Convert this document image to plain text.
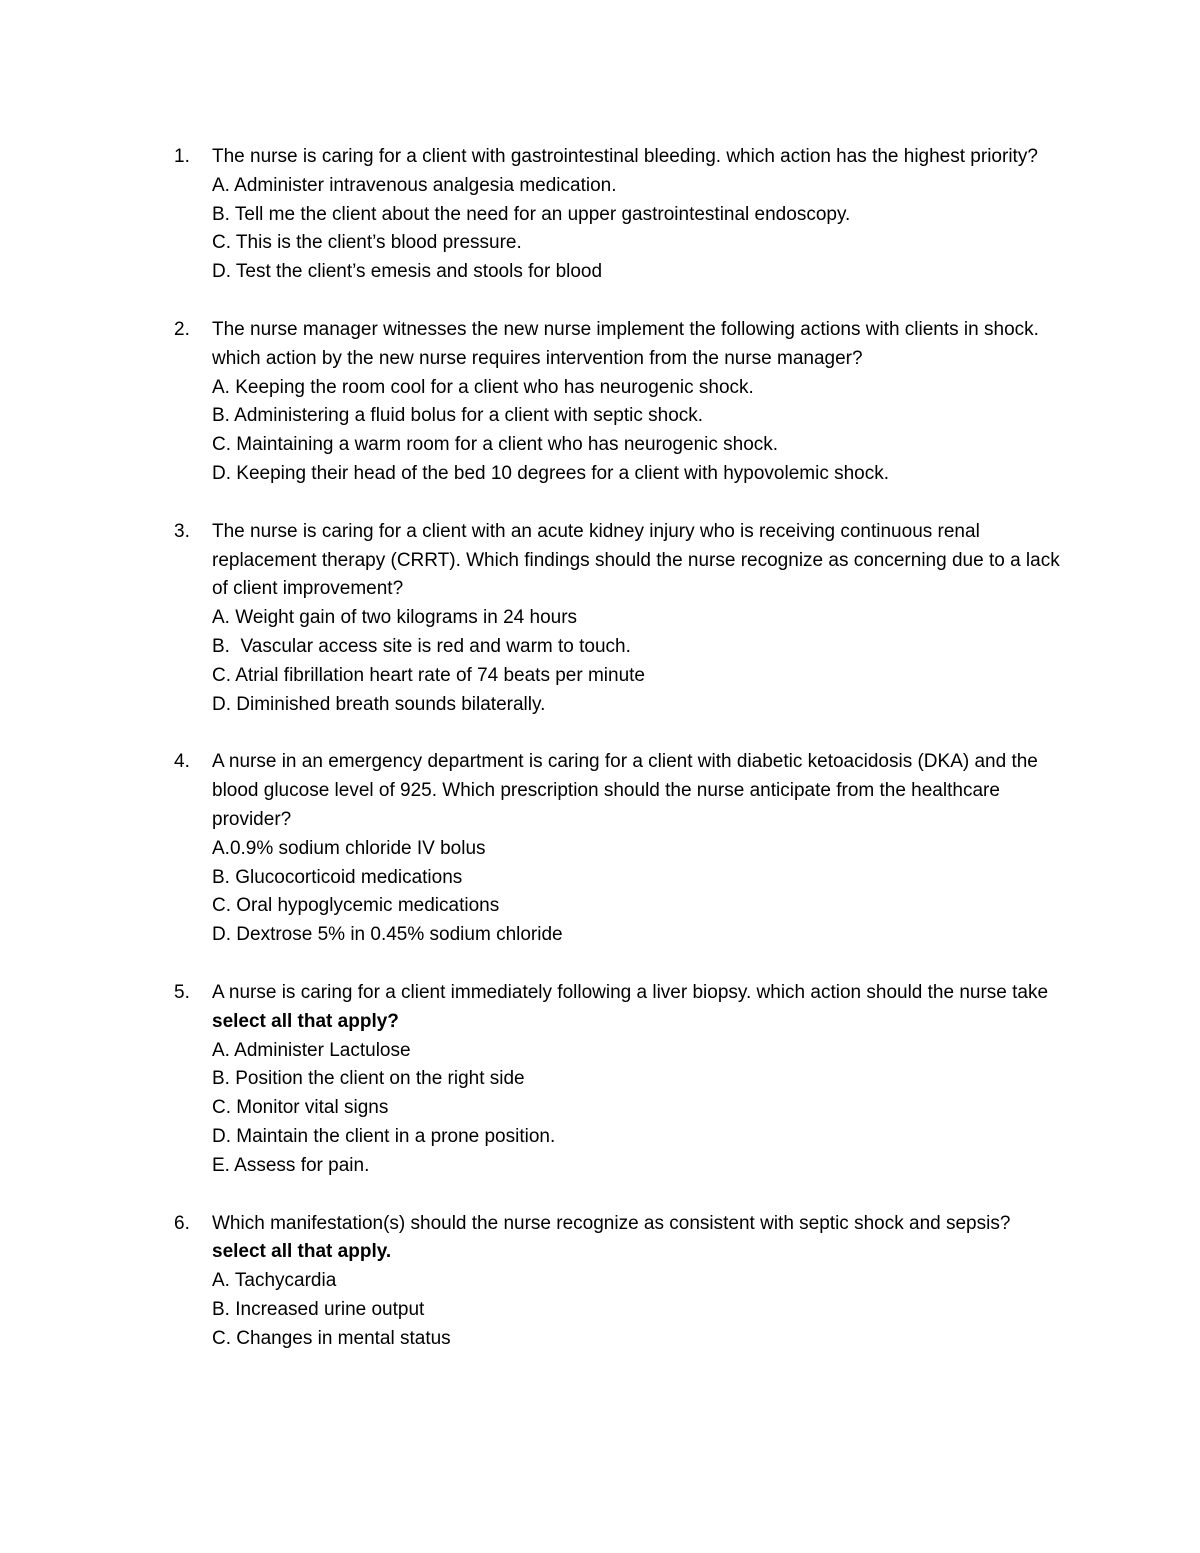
1. The nurse is caring for a client with gastrointestinal bleeding. which action has the highest priority?
A. Administer intravenous analgesia medication.
B. Tell me the client about the need for an upper gastrointestinal endoscopy.
C. This is the client’s blood pressure.
D. Test the client’s emesis and stools for blood
2. The nurse manager witnesses the new nurse implement the following actions with clients in shock. which action by the new nurse requires intervention from the nurse manager?
A. Keeping the room cool for a client who has neurogenic shock.
B. Administering a fluid bolus for a client with septic shock.
C. Maintaining a warm room for a client who has neurogenic shock.
D. Keeping their head of the bed 10 degrees for a client with hypovolemic shock.
3. The nurse is caring for a client with an acute kidney injury who is receiving continuous renal replacement therapy (CRRT). Which findings should the nurse recognize as concerning due to a lack of client improvement?
A. Weight gain of two kilograms in 24 hours
B.  Vascular access site is red and warm to touch.
C. Atrial fibrillation heart rate of 74 beats per minute
D. Diminished breath sounds bilaterally.
4. A nurse in an emergency department is caring for a client with diabetic ketoacidosis (DKA) and the blood glucose level of 925. Which prescription should the nurse anticipate from the healthcare provider?
A.0.9% sodium chloride IV bolus
B. Glucocorticoid medications
C. Oral hypoglycemic medications
D. Dextrose 5% in 0.45% sodium chloride
5. A nurse is caring for a client immediately following a liver biopsy. which action should the nurse take select all that apply?
A. Administer Lactulose
B. Position the client on the right side
C. Monitor vital signs
D. Maintain the client in a prone position.
E. Assess for pain.
6. Which manifestation(s) should the nurse recognize as consistent with septic shock and sepsis?  select all that apply.
A. Tachycardia
B. Increased urine output
C. Changes in mental status
